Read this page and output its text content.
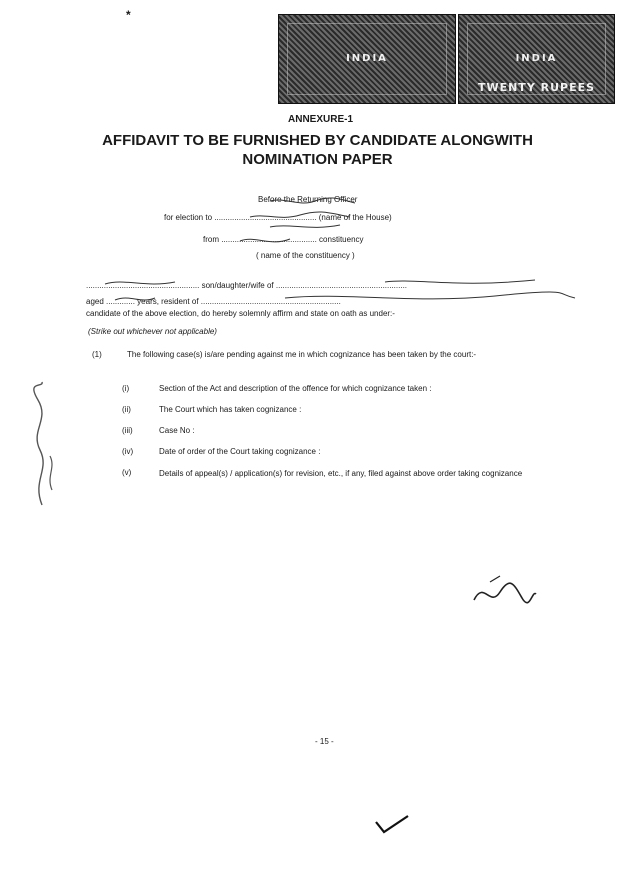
*
INDIA	INDIA
TWENTY RUPEES
ANNEXURE-1
AFFIDAVIT TO BE FURNISHED BY CANDIDATE ALONGWITH
NOMINATION PAPER
Before the Returning Officer
for election to .............................................. (name of the House)
from ........................................... constituency
( name of the constituency )
................................................... son/daughter/wife of ...........................................................
aged ............. years, resident of ...............................................................
candidate of the above election, do hereby solemnly affirm and state on oath as under:-
(Strike out whichever not applicable)
(1)	The following case(s) is/are pending against me in which cognizance has been taken by the court:-
(i)	Section of the Act and description of the offence for which cognizance taken :
(ii)	The Court which has taken cognizance :
(iii)	Case No :
(iv)	Date of order of the Court taking cognizance :
(v)	Details of appeal(s) / application(s) for revision, etc., if any, filed against above order taking cognizance
- 15 -
